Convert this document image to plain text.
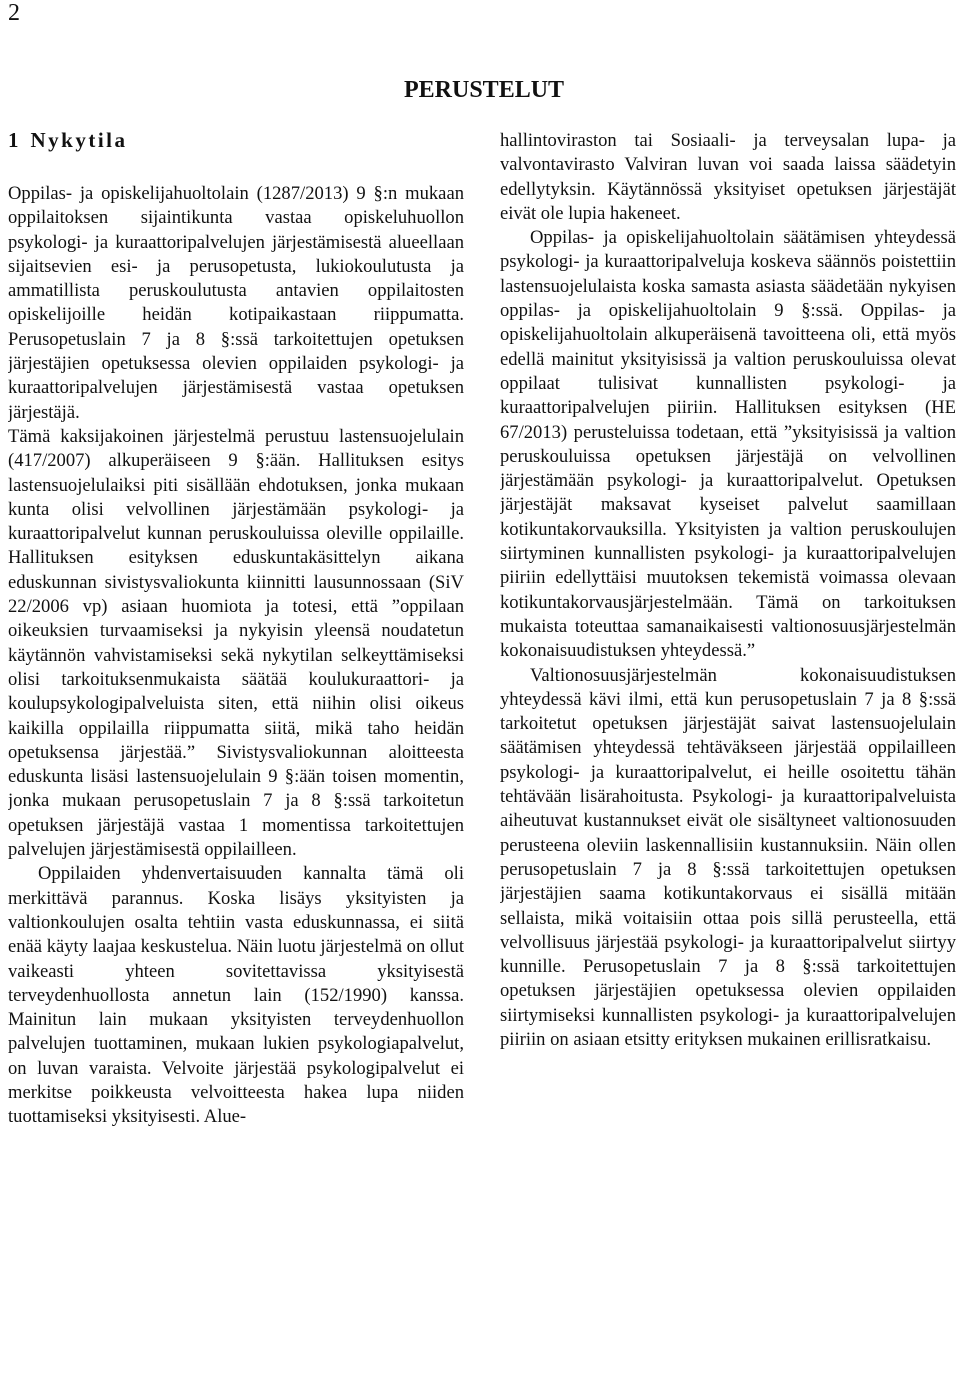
2
PERUSTELUT
1 Nykytila

Oppilas- ja opiskelijahuoltolain (1287/2013) 9 §:n mukaan oppilaitoksen sijaintikunta vastaa opiskeluhuollon psykologi- ja kuraattoripalvelujen järjestämisestä alueellaan sijaitsevien esi- ja perusopetusta, lukiokoulutusta ja ammatillista peruskoulutusta antavien oppilaitosten opiskelijoille heidän kotipaikastaan riippumatta. Perusopetuslain 7 ja 8 §:ssä tarkoitettujen opetuksen järjestäjien opetuksessa olevien oppilaiden psykologi- ja kuraattoripalvelujen järjestämisestä vastaa opetuksen järjestäjä.

Tämä kaksijakoinen järjestelmä perustuu lastensuojelulain (417/2007) alkuperäiseen 9 §:ään. Hallituksen esitys lastensuojelulaiksi piti sisällään ehdotuksen, jonka mukaan kunta olisi velvollinen järjestämään psykologi- ja kuraattoripalvelut kunnan peruskouluissa oleville oppilaille. Hallituksen esityksen eduskuntakäsittelyn aikana eduskunnan sivistysvaliokunta kiinnitti lausunnossaan (SiV 22/2006 vp) asiaan huomiota ja totesi, että ”oppilaan oikeuksien turvaamiseksi ja nykyisin yleensä noudatetun käytännön vahvistamiseksi sekä nykytilan selkeyttämiseksi olisi tarkoituksenmukaista säätää koulukuraattori- ja koulupsykologipalveluista siten, että niihin olisi oikeus kaikilla oppilailla riippumatta siitä, mikä taho heidän opetuksensa järjestää.” Sivistysvaliokunnan aloitteesta eduskunta lisäsi lastensuojelulain 9 §:ään toisen momentin, jonka mukaan perusopetuslain 7 ja 8 §:ssä tarkoitetun opetuksen järjestäjä vastaa 1 momentissa tarkoitettujen palvelujen järjestämisestä oppilailleen.

Oppilaiden yhdenvertaisuuden kannalta tämä oli merkittävä parannus. Koska lisäys yksityisten ja valtionkoulujen osalta tehtiin vasta eduskunnassa, ei siitä enää käyty laajaa keskustelua. Näin luotu järjestelmä on ollut vaikeasti yhteen sovitettavissa yksityisestä terveydenhuollosta annetun lain (152/1990) kanssa. Mainitun lain mukaan yksityisten terveydenhuollon palvelujen tuottaminen, mukaan lukien psykologiapalvelut, on luvan varaista. Velvoite järjestää psykologipalvelut ei merkitse poikkeusta velvoitteesta hakea lupa niiden tuottamiseksi yksityisesti. Alue-

hallintoviraston tai Sosiaali- ja terveysalan lupa- ja valvontavirasto Valviran luvan voi saada laissa säädetyin edellytyksin. Käytännössä yksityiset opetuksen järjestäjät eivät ole lupia hakeneet.

Oppilas- ja opiskelijahuoltolain säätämisen yhteydessä psykologi- ja kuraattoripalveluja koskeva säännös poistettiin lastensuojelulaista koska samasta asiasta säädetään nykyisen oppilas- ja opiskelijahuoltolain 9 §:ssä. Oppilas- ja opiskelijahuoltolain alkuperäisenä tavoitteena oli, että myös edellä mainitut yksityisissä ja valtion peruskouluissa olevat oppilaat tulisivat kunnallisten psykologi- ja kuraattoripalvelujen piiriin. Hallituksen esityksen (HE 67/2013) perusteluissa todetaan, että ”yksityisissä ja valtion peruskouluissa opetuksen järjestäjä on velvollinen järjestämään psykologi- ja kuraattoripalvelut. Opetuksen järjestäjät maksavat kyseiset palvelut saamillaan kotikuntakorvauksilla. Yksityisten ja valtion peruskoulujen siirtyminen kunnallisten psykologi- ja kuraattoripalvelujen piiriin edellyttäisi muutoksen tekemistä voimassa olevaan kotikuntakorvausjärjestelmään. Tämä on tarkoituksen mukaista toteuttaa samanaikaisesti valtionosuusjärjestelmän kokonaisuudistuksen yhteydessä.”

Valtionosuusjärjestelmän kokonaisuudistuksen yhteydessä kävi ilmi, että kun perusopetuslain 7 ja 8 §:ssä tarkoitetut opetuksen järjestäjät saivat lastensuojelulain säätämisen yhteydessä tehtäväkseen järjestää oppilailleen psykologi- ja kuraattoripalvelut, ei heille osoitettu tähän tehtävään lisärahoitusta. Psykologi- ja kuraattoripalveluista aiheutuvat kustannukset eivät ole sisältyneet valtionosuuden perusteena oleviin laskennallisiin kustannuksiin. Näin ollen perusopetuslain 7 ja 8 §:ssä tarkoitettujen opetuksen järjestäjien saama kotikuntakorvaus ei sisällä mitään sellaista, mikä voitaisiin ottaa pois sillä perusteella, että velvollisuus järjestää psykologi- ja kuraattoripalvelut siirtyy kunnille. Perusopetuslain 7 ja 8 §:ssä tarkoitettujen opetuksen järjestäjien opetuksessa olevien oppilaiden siirtymiseksi kunnallisten psykologi- ja kuraattoripalvelujen piiriin on asiaan etsitty erityksen mukainen erillisratkaisu.
